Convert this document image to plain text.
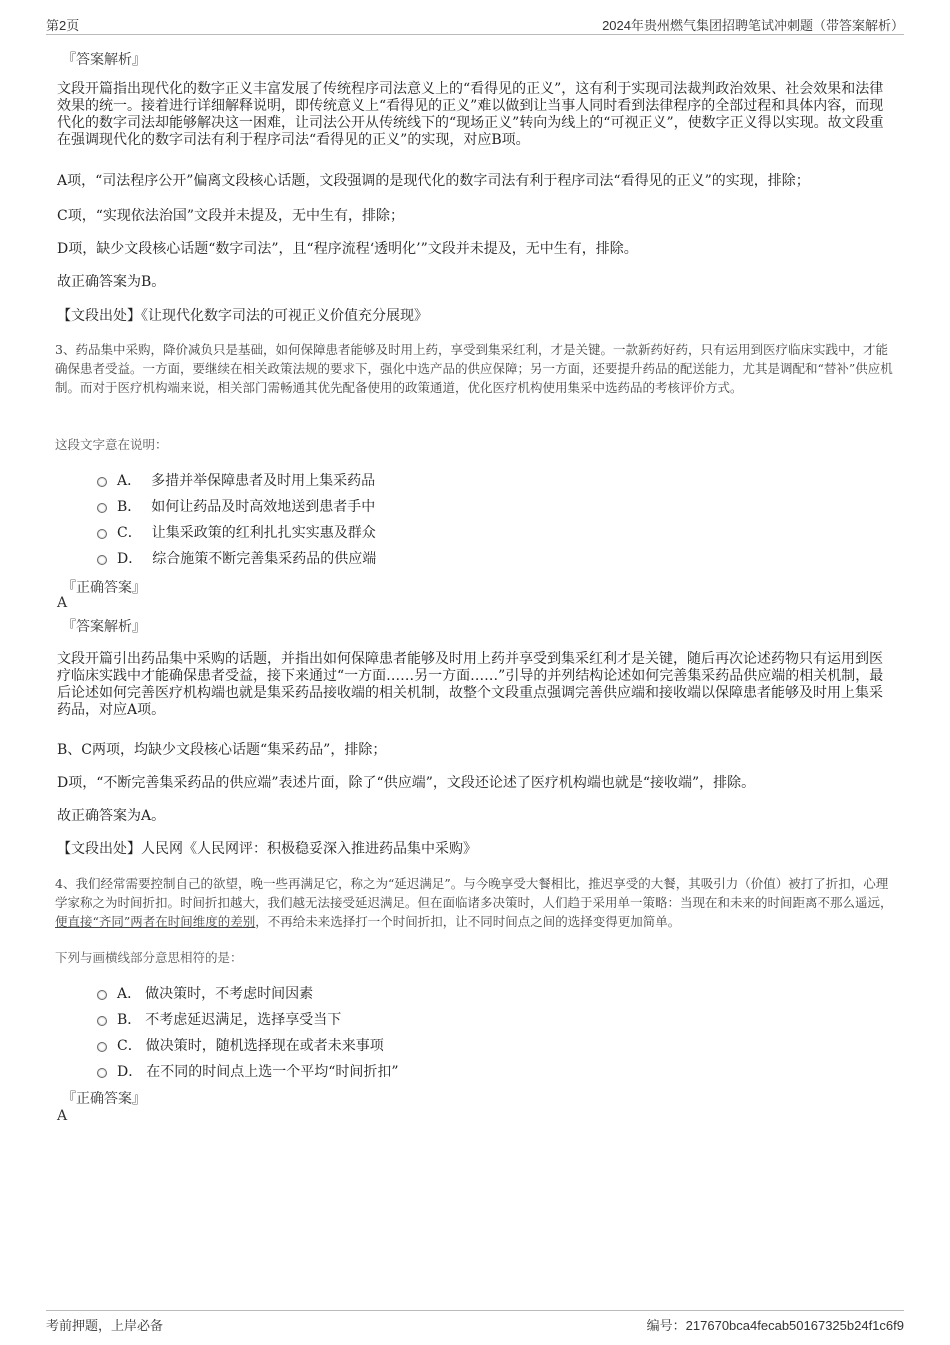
第2页	2024年贵州燃气集团招聘笔试冲刺题（带答案解析）
『答案解析』
文段开篇指出现代化的数字正义丰富发展了传统程序司法意义上的“看得见的正义”，这有利于实现司法裁判政治效果、社会效果和法律效果的统一。接着进行详细解释说明，即传统意义上“看得见的正义”难以做到让当事人同时看到法律程序的全部过程和具体内容，而现代化的数字司法却能够解决这一困难，让司法公开从传统线下的“现场正义”转向为线上的“可视正义”，使数字正义得以实现。故文段重在强调现代化的数字司法有利于程序司法“看得见的正义”的实现，对应B项。
A项，“司法程序公开”偏离文段核心话题，文段强调的是现代化的数字司法有利于程序司法“看得见的正义”的实现，排除；
C项，“实现依法治国”文段并未提及，无中生有，排除；
D项，缺少文段核心话题“数字司法”，且“程序流程‘透明化’”文段并未提及，无中生有，排除。
故正确答案为B。
【文段出处】《让现代化数字司法的可视正义价值充分展现》
3、药品集中采购，降价减负只是基础，如何保障患者能够及时用上药，享受到集采红利，才是关键。一款新药好药，只有运用到医疗临床实践中，才能确保患者受益。一方面，要继续在相关政策法规的要求下，强化中选产品的供应保障；另一方面，还要提升药品的配送能力，尤其是调配和“替补”供应机制。而对于医疗机构端来说，相关部门需畅通其优先配备使用的政策通道，优化医疗机构使用集采中选药品的考核评价方式。
这段文字意在说明：
A． 多措并举保障患者及时用上集采药品
B． 如何让药品及时高效地送到患者手中
C． 让集采政策的红利扎扎实实惠及群众
D． 综合施策不断完善集采药品的供应端
『正确答案』
A
『答案解析』
文段开篇引出药品集中采购的话题，并指出如何保障患者能够及时用上药并享受到集采红利才是关键，随后再次论述药物只有运用到医疗临床实践中才能确保患者受益，接下来通过“一方面……另一方面……”引导的并列结构论述如何完善集采药品供应端的相关机制，最后论述如何完善医疗机构端也就是集采药品接收端的相关机制，故整个文段重点强调完善供应端和接收端以保障患者能够及时用上集采药品，对应A项。
B、C两项，均缺少文段核心话题“集采药品”，排除；
D项，“不断完善集采药品的供应端”表述片面，除了“供应端”，文段还论述了医疗机构端也就是“接收端”，排除。
故正确答案为A。
【文段出处】人民网《人民网评：积极稳妥深入推进药品集中采购》
4、我们经常需要控制自己的欲望，晚一些再满足它，称之为“延迟满足”。与今晚享受大餐相比，推迟享受的大餐，其吸引力（价值）被打了折扣，心理学家称之为时间折扣。时间折扣越大，我们越无法接受延迟满足。但在面临诸多决策时，人们趋于采用单一策略：当现在和未来的时间距离不那么遥远，便直接“齐同”两者在时间维度的差别，不再给未来选择打一个时间折扣，让不同时间点之间的选择变得更加简单。
下列与画横线部分意思相符的是：
A． 做决策时，不考虑时间因素
B． 不考虑延迟满足，选择享受当下
C． 做决策时，随机选择现在或者未来事项
D． 在不同的时间点上选一个平均“时间折扣”
『正确答案』
A
考前押题，上岸必备	编号：217670bca4fecab50167325b24f1c6f9
